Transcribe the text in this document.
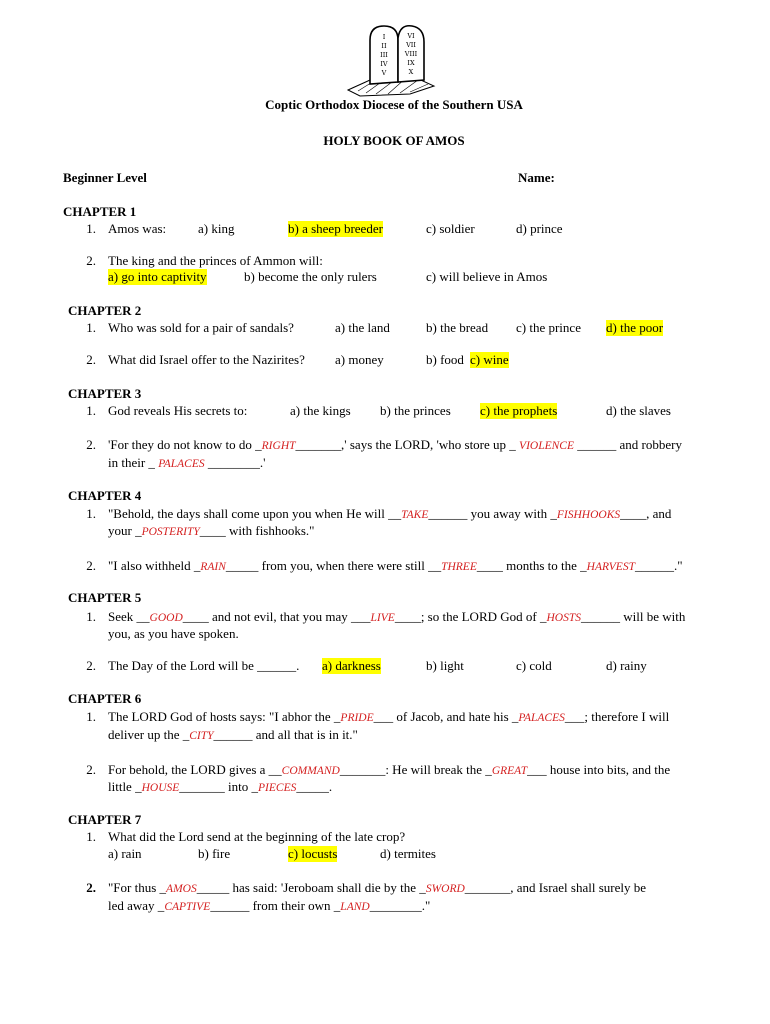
I
II
III
IV
V
VI
VII
VIII
IX
X
Coptic Orthodox Diocese of the Southern USA
HOLY BOOK OF AMOS
Beginner Level	Name:
CHAPTER 1
1. Amos was: a) king	b) a sheep breeder	c) soldier	d) prince
2. The king and the princes of Ammon will:
a) go into captivity	b) become the only rulers	c) will believe in Amos
CHAPTER 2
1. Who was sold for a pair of sandals?	a) the land	b) the bread c) the prince d) the poor
2. What did Israel offer to the Nazirites? a) money	b) food c) wine
CHAPTER 3
1. God reveals His secrets to:	a) the kings b) the princes c) the prophets	d) the slaves
2. 'For they do not know to do _RIGHT_______,' says the LORD, 'who store up _ VIOLENCE ______ and robbery
in their _ PALACES ________.'
CHAPTER 4
1. "Behold, the days shall come upon you when He will __TAKE______ you away with _FISHHOOKS____, and
your _POSTERITY____ with fishhooks."
2. "I also withheld _RAIN_____ from you, when there were still __THREE____ months to the _HARVEST______."
CHAPTER 5
1. Seek __GOOD____ and not evil, that you may ___LIVE____; so the LORD God of _HOSTS______ will be with
you, as you have spoken.
2. The Day of the Lord will be ______. a) darkness	b) light	c) cold	d) rainy
CHAPTER 6
1. The LORD God of hosts says: "I abhor the _PRIDE___ of Jacob, and hate his _PALACES___; therefore I will
deliver up the _CITY______ and all that is in it."
2. For behold, the LORD gives a __COMMAND_______: He will break the _GREAT___ house into bits, and the
little _HOUSE_______ into _PIECES_____.
CHAPTER 7
1. What did the Lord send at the beginning of the late crop?
a) rain	b) fire	c) locusts	d) termites
2. "For thus _AMOS_____ has said: 'Jeroboam shall die by the _SWORD_______, and Israel shall surely be
led away _CAPTIVE______ from their own _LAND________."
